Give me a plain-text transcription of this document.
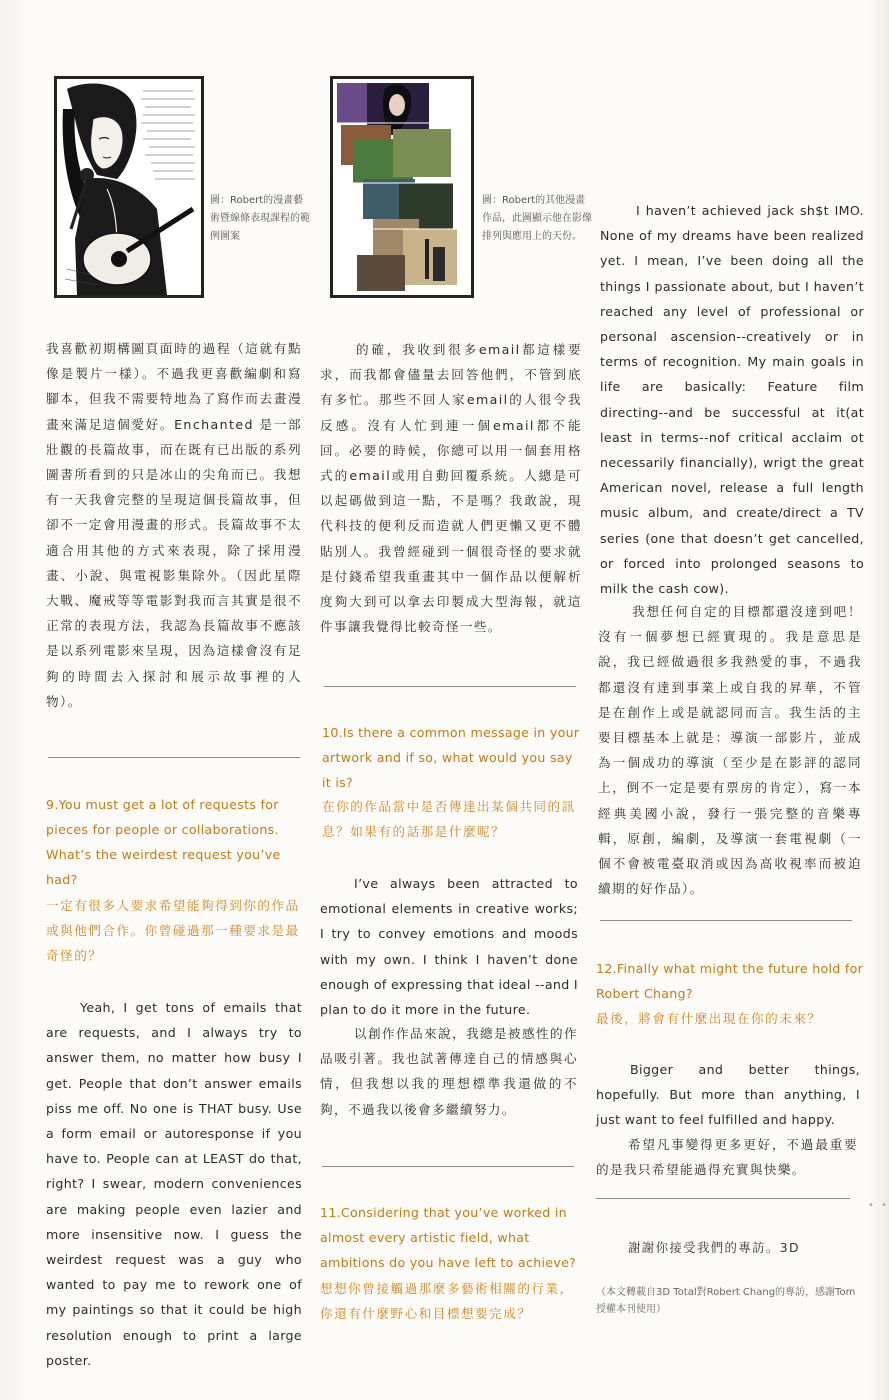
圖：Robert的漫畫藝術暨線條表現課程的範例圖案
我喜歡初期構圖頁面時的過程（這就有點像是製片一樣）。不過我更喜歡編劇和寫腳本，但我不需要特地為了寫作而去畫漫畫來滿足這個愛好。Enchanted 是一部壯觀的長篇故事，而在既有已出版的系列圖書所看到的只是冰山的尖角而已。我想有一天我會完整的呈現這個長篇故事，但卻不一定會用漫畫的形式。長篇故事不太適合用其他的方式來表現，除了採用漫畫、小說、與電視影集除外。（因此星際大戰、魔戒等等電影對我而言其實是很不正常的表現方法，我認為長篇故事不應該是以系列電影來呈現，因為這樣會沒有足夠的時間去入探討和展示故事裡的人物）。
9.You must get a lot of requests for pieces for people or collaborations. What’s the weirdest request you’ve had?
一定有很多人要求希望能夠得到你的作品或與他們合作。你曾碰過那一種要求是最奇怪的？
Yeah, I get tons of emails that are requests, and I always try to answer them, no matter how busy I get. People that don’t answer emails piss me off. No one is THAT busy. Use a form email or autoresponse if you have to. People can at LEAST do that, right? I swear, modern conveniences are making people even lazier and more insensitive now. I guess the weirdest request was a guy who wanted to pay me to rework one of my paintings so that it could be high resolution enough to print a large poster.
圖：Robert的其他漫畫作品，此圖顯示他在影像排列與應用上的天份。
的確，我收到很多email都這樣要求，而我都會儘量去回答他們，不管到底有多忙。那些不回人家email的人很令我反感。沒有人忙到連一個email都不能回。必要的時候，你總可以用一個套用格式的email或用自動回覆系統。人總是可以起碼做到這一點，不是嗎？我敢說，現代科技的便利反而造就人們更懶又更不體貼別人。我曾經碰到一個很奇怪的要求就是付錢希望我重畫其中一個作品以便解析度夠大到可以拿去印製成大型海報，就這件事讓我覺得比較奇怪一些。
10.Is there a common message in your artwork and if so, what would you say it is?
在你的作品當中是否傳達出某個共同的訊息？如果有的話那是什麼呢？
I’ve always been attracted to emotional elements in creative works; I try to convey emotions and moods with my own. I think I haven’t done enough of expressing that ideal --and I plan to do it more in the future.
以創作作品來說，我總是被感性的作品吸引著。我也試著傳達自己的情感與心情，但我想以我的理想標準我還做的不夠，不過我以後會多繼續努力。
11.Considering that you’ve worked in almost every artistic field, what ambitions do you have left to achieve?
想想你曾接觸過那麼多藝術相關的行業，你還有什麼野心和目標想要完成？
I haven’t achieved jack sh$t IMO. None of my dreams have been realized yet. I mean, I’ve been doing all the things I passionate about, but I haven’t reached any level of professional or personal ascension--creatively or in terms of recognition. My main goals in life are basically: Feature film directing--and be successful at it(at least in terms--nof critical acclaim ot necessarily financially), wrigt the great American novel, release a full length music album, and create/direct a TV series (one that doesn’t get cancelled, or forced into prolonged seasons to milk the cash cow).
我想任何自定的目標都還沒達到吧！沒有一個夢想已經實現的。我是意思是說，我已經做過很多我熱愛的事，不過我都還沒有達到事業上或自我的昇華，不管是在創作上或是就認同而言。我生活的主要目標基本上就是：導演一部影片，並成為一個成功的導演（至少是在影評的認同上，倒不一定是要有票房的肯定），寫一本經典美國小說，發行一張完整的音樂專輯，原創，編劇，及導演一套電視劇（一個不會被電臺取消或因為高收視率而被迫續期的好作品）。
12.Finally what might the future hold for Robert Chang?
最後，將會有什麼出現在你的未來？
Bigger and better things, hopefully. But more than anything, I just want to feel fulfilled and happy.
希望凡事變得更多更好，不過最重要的是我只希望能過得充實與快樂。
謝謝你接受我們的專訪。3D
（本文轉載自3D Total對Robert Chang的專訪，感謝Tom授權本刊使用）
• •
